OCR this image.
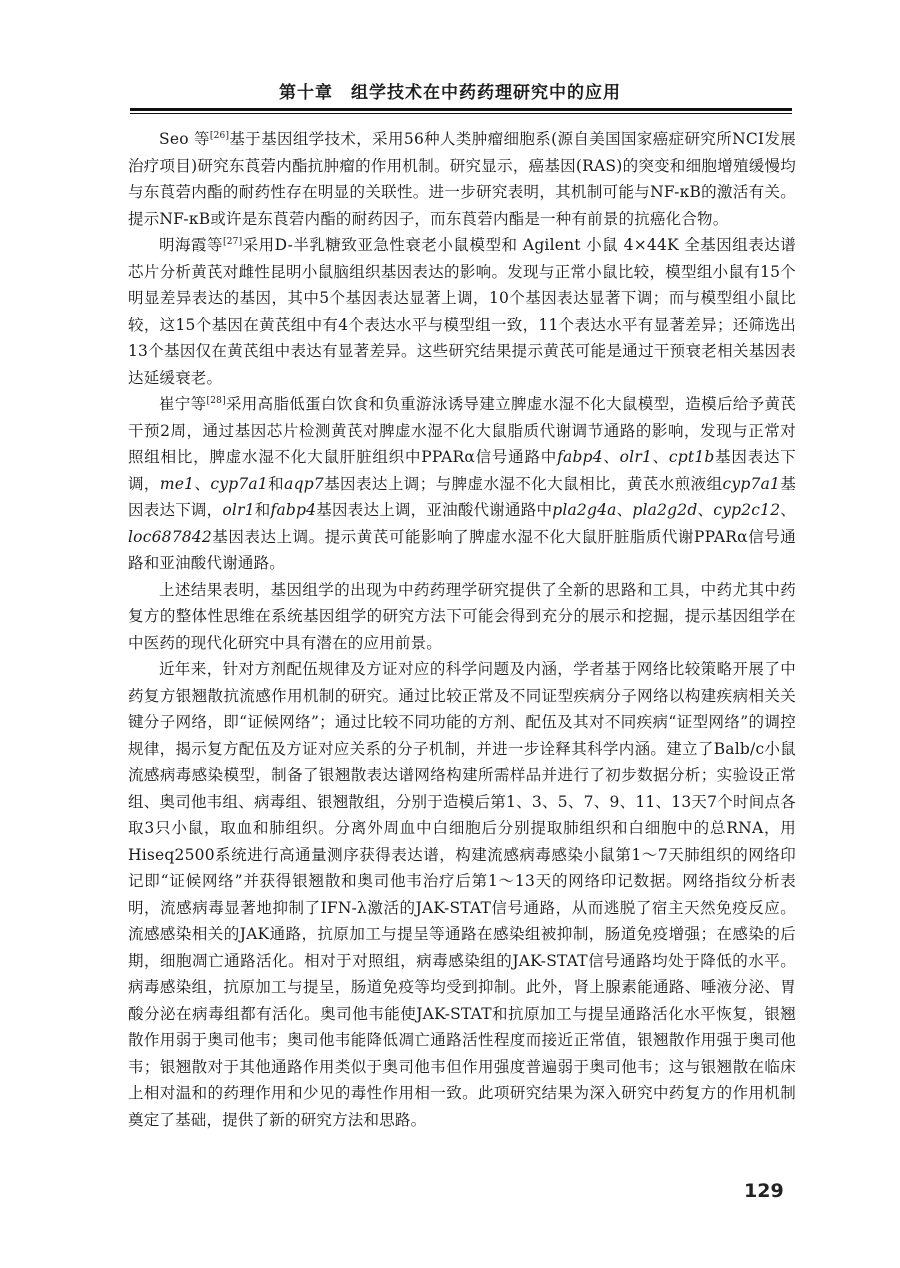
第十章 组学技术在中药药理研究中的应用

Seo 等[26]基于基因组学技术，采用56种人类肿瘤细胞系(源自美国国家癌症研究所NCI发展治疗项目)研究东莨菪内酯抗肿瘤的作用机制。研究显示，癌基因(RAS)的突变和细胞增殖缓慢均与东莨菪内酯的耐药性存在明显的关联性。进一步研究表明，其机制可能与NF-κB的激活有关。提示NF-κB或许是东莨菪内酯的耐药因子，而东莨菪内酯是一种有前景的抗癌化合物。

明海霞等[27]采用D-半乳糖致亚急性衰老小鼠模型和 Agilent 小鼠 4×44K 全基因组表达谱芯片分析黄芪对雌性昆明小鼠脑组织基因表达的影响。发现与正常小鼠比较，模型组小鼠有15个明显差异表达的基因，其中5个基因表达显著上调，10个基因表达显著下调；而与模型组小鼠比较，这15个基因在黄芪组中有4个表达水平与模型组一致，11个表达水平有显著差异；还筛选出13个基因仅在黄芪组中表达有显著差异。这些研究结果提示黄芪可能是通过干预衰老相关基因表达延缓衰老。

崔宁等[28]采用高脂低蛋白饮食和负重游泳诱导建立脾虚水湿不化大鼠模型，造模后给予黄芪干预2周，通过基因芯片检测黄芪对脾虚水湿不化大鼠脂质代谢调节通路的影响，发现与正常对照组相比，脾虚水湿不化大鼠肝脏组织中PPARα信号通路中fabp4、olr1、cpt1b基因表达下调，me1、cyp7a1和aqp7基因表达上调；与脾虚水湿不化大鼠相比，黄芪水煎液组cyp7a1基因表达下调，olr1和fabp4基因表达上调，亚油酸代谢通路中pla2g4a、pla2g2d、cyp2c12、loc687842基因表达上调。提示黄芪可能影响了脾虚水湿不化大鼠肝脏脂质代谢PPARα信号通路和亚油酸代谢通路。

上述结果表明，基因组学的出现为中药药理学研究提供了全新的思路和工具，中药尤其中药复方的整体性思维在系统基因组学的研究方法下可能会得到充分的展示和挖掘，提示基因组学在中医药的现代化研究中具有潜在的应用前景。

近年来，针对方剂配伍规律及方证对应的科学问题及内涵，学者基于网络比较策略开展了中药复方银翘散抗流感作用机制的研究。通过比较正常及不同证型疾病分子网络以构建疾病相关关键分子网络，即“证候网络”；通过比较不同功能的方剂、配伍及其对不同疾病“证型网络”的调控规律，揭示复方配伍及方证对应关系的分子机制，并进一步诠释其科学内涵。建立了Balb/c小鼠流感病毒感染模型，制备了银翘散表达谱网络构建所需样品并进行了初步数据分析；实验设正常组、奥司他韦组、病毒组、银翘散组，分别于造模后第1、3、5、7、9、11、13天7个时间点各取3只小鼠，取血和肺组织。分离外周血中白细胞后分别提取肺组织和白细胞中的总RNA，用Hiseq2500系统进行高通量测序获得表达谱，构建流感病毒感染小鼠第1～7天肺组织的网络印记即“证候网络”并获得银翘散和奥司他韦治疗后第1～13天的网络印记数据。网络指纹分析表明，流感病毒显著地抑制了IFN-λ激活的JAK-STAT信号通路，从而逃脱了宿主天然免疫反应。流感感染相关的JAK通路，抗原加工与提呈等通路在感染组被抑制，肠道免疫增强；在感染的后期，细胞凋亡通路活化。相对于对照组，病毒感染组的JAK-STAT信号通路均处于降低的水平。病毒感染组，抗原加工与提呈，肠道免疫等均受到抑制。此外，肾上腺素能通路、唾液分泌、胃酸分泌在病毒组都有活化。奥司他韦能使JAK-STAT和抗原加工与提呈通路活化水平恢复，银翘散作用弱于奥司他韦；奥司他韦能降低凋亡通路活性程度而接近正常值，银翘散作用强于奥司他韦；银翘散对于其他通路作用类似于奥司他韦但作用强度普遍弱于奥司他韦；这与银翘散在临床上相对温和的药理作用和少见的毒性作用相一致。此项研究结果为深入研究中药复方的作用机制奠定了基础，提供了新的研究方法和思路。

129
